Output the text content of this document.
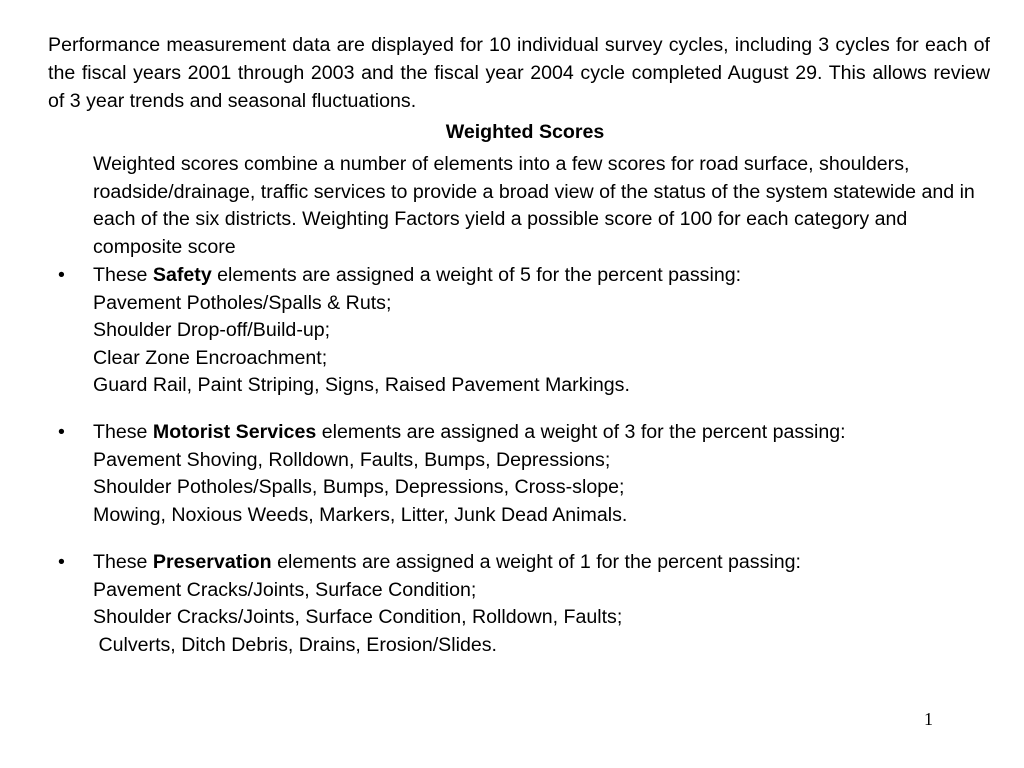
Performance measurement data are displayed for 10 individual survey cycles, including 3 cycles for each of the fiscal years 2001 through 2003 and the fiscal year 2004 cycle completed August 29. This allows review of 3 year trends and seasonal fluctuations.

Weighted Scores

Weighted scores combine a number of elements into a few scores for road surface, shoulders, roadside/drainage, traffic services to provide a broad view of the status of the system statewide and in each of the six districts. Weighting Factors yield a possible score of 100 for each category and composite score

• These Safety elements are assigned a weight of 5 for the percent passing:
Pavement Potholes/Spalls & Ruts;
Shoulder Drop-off/Build-up;
Clear Zone Encroachment;
Guard Rail, Paint Striping, Signs, Raised Pavement Markings.
• These Motorist Services elements are assigned a weight of 3 for the percent passing:
Pavement Shoving, Rolldown, Faults, Bumps, Depressions;
Shoulder Potholes/Spalls, Bumps, Depressions, Cross-slope;
Mowing, Noxious Weeds, Markers, Litter, Junk Dead Animals.
• These Preservation elements are assigned a weight of 1 for the percent passing:
Pavement Cracks/Joints, Surface Condition;
Shoulder Cracks/Joints, Surface Condition, Rolldown, Faults;
Culverts, Ditch Debris, Drains, Erosion/Slides.
1
